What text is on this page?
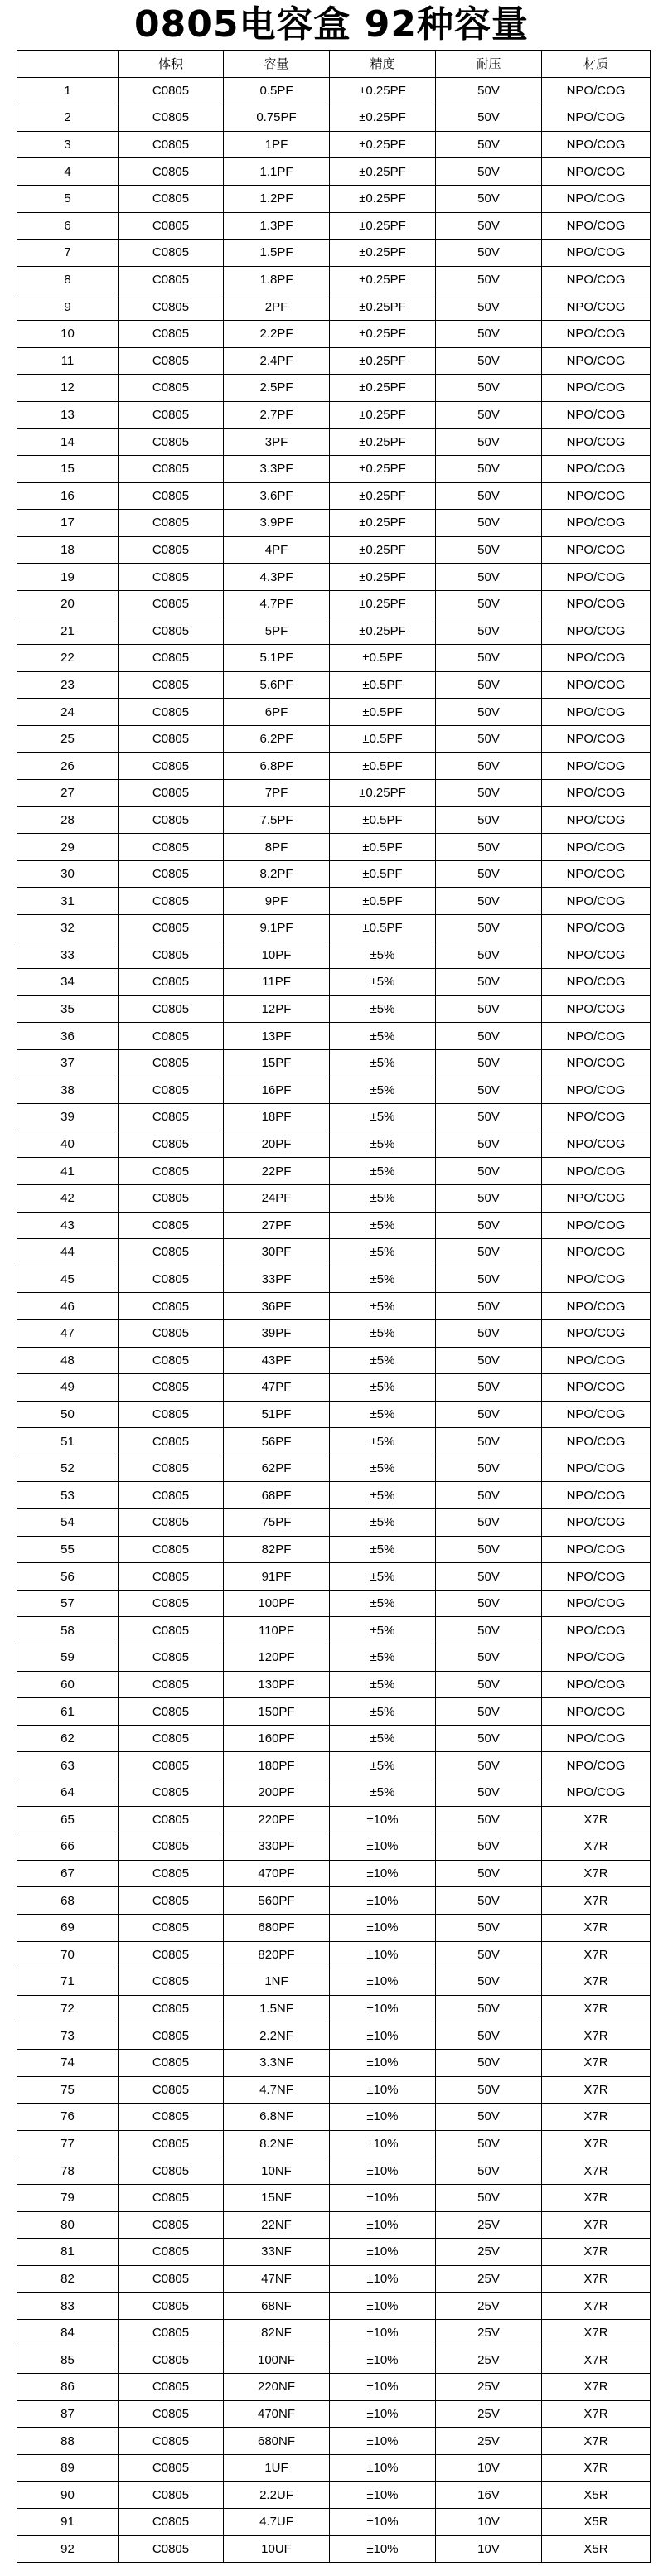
0805电容盒 92种容量
	体积	容量	精度	耐压	材质
1	C0805	0.5PF	±0.25PF	50V	NPO/COG
2	C0805	0.75PF	±0.25PF	50V	NPO/COG
3	C0805	1PF	±0.25PF	50V	NPO/COG
4	C0805	1.1PF	±0.25PF	50V	NPO/COG
5	C0805	1.2PF	±0.25PF	50V	NPO/COG
6	C0805	1.3PF	±0.25PF	50V	NPO/COG
7	C0805	1.5PF	±0.25PF	50V	NPO/COG
8	C0805	1.8PF	±0.25PF	50V	NPO/COG
9	C0805	2PF	±0.25PF	50V	NPO/COG
10	C0805	2.2PF	±0.25PF	50V	NPO/COG
11	C0805	2.4PF	±0.25PF	50V	NPO/COG
12	C0805	2.5PF	±0.25PF	50V	NPO/COG
13	C0805	2.7PF	±0.25PF	50V	NPO/COG
14	C0805	3PF	±0.25PF	50V	NPO/COG
15	C0805	3.3PF	±0.25PF	50V	NPO/COG
16	C0805	3.6PF	±0.25PF	50V	NPO/COG
17	C0805	3.9PF	±0.25PF	50V	NPO/COG
18	C0805	4PF	±0.25PF	50V	NPO/COG
19	C0805	4.3PF	±0.25PF	50V	NPO/COG
20	C0805	4.7PF	±0.25PF	50V	NPO/COG
21	C0805	5PF	±0.25PF	50V	NPO/COG
22	C0805	5.1PF	±0.5PF	50V	NPO/COG
23	C0805	5.6PF	±0.5PF	50V	NPO/COG
24	C0805	6PF	±0.5PF	50V	NPO/COG
25	C0805	6.2PF	±0.5PF	50V	NPO/COG
26	C0805	6.8PF	±0.5PF	50V	NPO/COG
27	C0805	7PF	±0.25PF	50V	NPO/COG
28	C0805	7.5PF	±0.5PF	50V	NPO/COG
29	C0805	8PF	±0.5PF	50V	NPO/COG
30	C0805	8.2PF	±0.5PF	50V	NPO/COG
31	C0805	9PF	±0.5PF	50V	NPO/COG
32	C0805	9.1PF	±0.5PF	50V	NPO/COG
33	C0805	10PF	±5%	50V	NPO/COG
34	C0805	11PF	±5%	50V	NPO/COG
35	C0805	12PF	±5%	50V	NPO/COG
36	C0805	13PF	±5%	50V	NPO/COG
37	C0805	15PF	±5%	50V	NPO/COG
38	C0805	16PF	±5%	50V	NPO/COG
39	C0805	18PF	±5%	50V	NPO/COG
40	C0805	20PF	±5%	50V	NPO/COG
41	C0805	22PF	±5%	50V	NPO/COG
42	C0805	24PF	±5%	50V	NPO/COG
43	C0805	27PF	±5%	50V	NPO/COG
44	C0805	30PF	±5%	50V	NPO/COG
45	C0805	33PF	±5%	50V	NPO/COG
46	C0805	36PF	±5%	50V	NPO/COG
47	C0805	39PF	±5%	50V	NPO/COG
48	C0805	43PF	±5%	50V	NPO/COG
49	C0805	47PF	±5%	50V	NPO/COG
50	C0805	51PF	±5%	50V	NPO/COG
51	C0805	56PF	±5%	50V	NPO/COG
52	C0805	62PF	±5%	50V	NPO/COG
53	C0805	68PF	±5%	50V	NPO/COG
54	C0805	75PF	±5%	50V	NPO/COG
55	C0805	82PF	±5%	50V	NPO/COG
56	C0805	91PF	±5%	50V	NPO/COG
57	C0805	100PF	±5%	50V	NPO/COG
58	C0805	110PF	±5%	50V	NPO/COG
59	C0805	120PF	±5%	50V	NPO/COG
60	C0805	130PF	±5%	50V	NPO/COG
61	C0805	150PF	±5%	50V	NPO/COG
62	C0805	160PF	±5%	50V	NPO/COG
63	C0805	180PF	±5%	50V	NPO/COG
64	C0805	200PF	±5%	50V	NPO/COG
65	C0805	220PF	±10%	50V	X7R
66	C0805	330PF	±10%	50V	X7R
67	C0805	470PF	±10%	50V	X7R
68	C0805	560PF	±10%	50V	X7R
69	C0805	680PF	±10%	50V	X7R
70	C0805	820PF	±10%	50V	X7R
71	C0805	1NF	±10%	50V	X7R
72	C0805	1.5NF	±10%	50V	X7R
73	C0805	2.2NF	±10%	50V	X7R
74	C0805	3.3NF	±10%	50V	X7R
75	C0805	4.7NF	±10%	50V	X7R
76	C0805	6.8NF	±10%	50V	X7R
77	C0805	8.2NF	±10%	50V	X7R
78	C0805	10NF	±10%	50V	X7R
79	C0805	15NF	±10%	50V	X7R
80	C0805	22NF	±10%	25V	X7R
81	C0805	33NF	±10%	25V	X7R
82	C0805	47NF	±10%	25V	X7R
83	C0805	68NF	±10%	25V	X7R
84	C0805	82NF	±10%	25V	X7R
85	C0805	100NF	±10%	25V	X7R
86	C0805	220NF	±10%	25V	X7R
87	C0805	470NF	±10%	25V	X7R
88	C0805	680NF	±10%	25V	X7R
89	C0805	1UF	±10%	10V	X7R
90	C0805	2.2UF	±10%	16V	X5R
91	C0805	4.7UF	±10%	10V	X5R
92	C0805	10UF	±10%	10V	X5R
